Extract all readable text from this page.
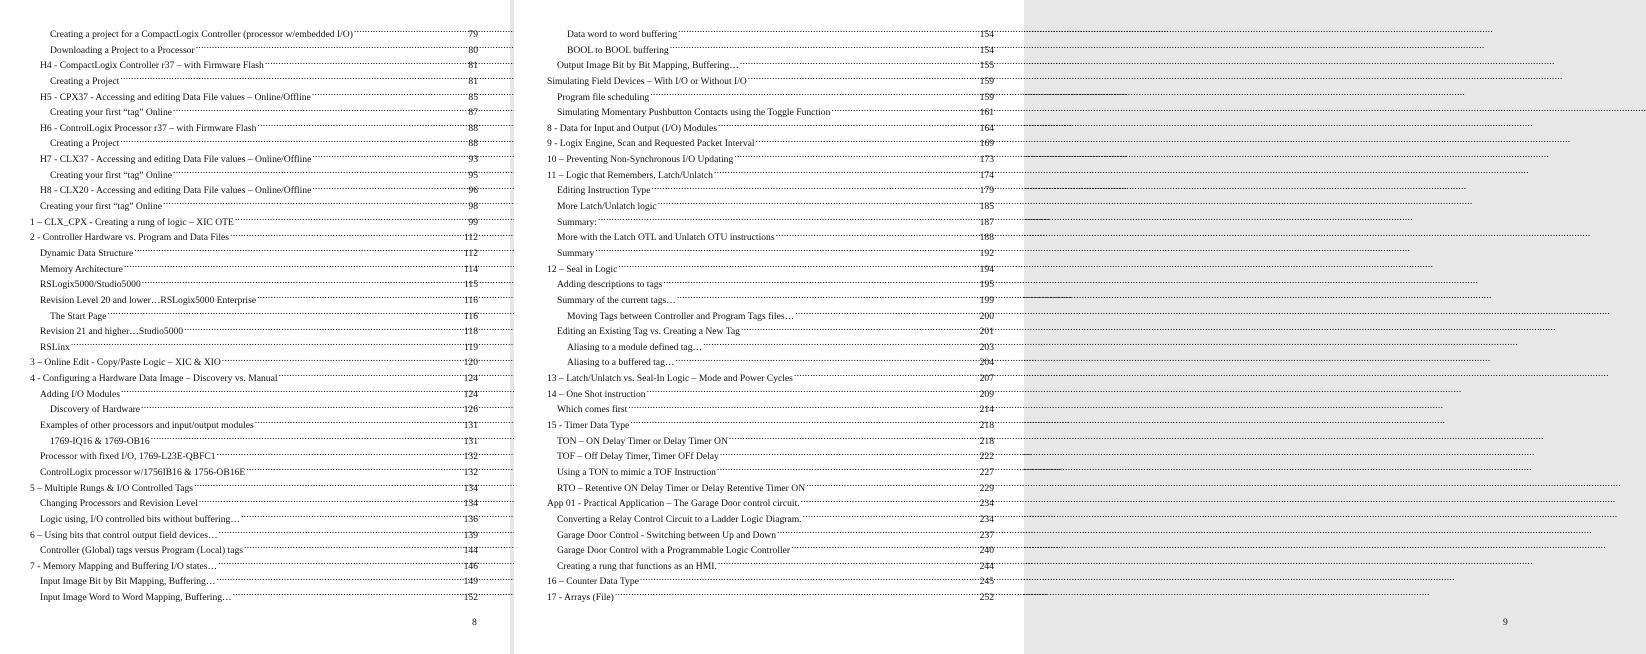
Creating a project for a CompactLogix Controller (processor w/embedded I/O) .....	79
Downloading a Project to a Processor .....	80
H4 - CompactLogix Controller r37 – with Firmware Flash .....	81
Creating a Project .....	81
H5 - CPX37 - Accessing and editing Data File values – Online/Offline .....	85
Creating your first “tag” Online .....	87
H6 - ControlLogix Processor r37 – with Firmware Flash .....	88
Creating a Project .....	88
H7 - CLX37 - Accessing and editing Data File values – Online/Offline .....	93
Creating your first “tag” Online .....	95
H8 - CLX20 - Accessing and editing Data File values – Online/Offline .....	96
Creating your first “tag” Online .....	98
1 – CLX_CPX - Creating a rung of logic – XIC OTE .....	99
2 - Controller Hardware vs. Program and Data Files .....	112
Dynamic Data Structure .....	112
Memory Architecture .....	114
RSLogix5000/Studio5000 .....	115
Revision Level 20 and lower…RSLogix5000 Enterprise .....	116
The Start Page .....	116
Revision 21 and higher…Studio5000 .....	118
RSLinx .....	119
3 – Online Edit - Copy/Paste Logic – XIC & XIO .....	120
4 - Configuring a Hardware Data Image – Discovery vs. Manual .....	124
Adding I/O Modules .....	124
Discovery of Hardware .....	126
Examples of other processors and input/output modules .....	131
1769-IQ16 & 1769-OB16 .....	131
Processor with fixed I/O, 1769-L23E-QBFC1 .....	132
ControlLogix processor w/1756IB16 & 1756-OB16E .....	132
5 – Multiple Rungs & I/O Controlled Tags .....	134
Changing Processors and Revision Level .....	134
Logic using, I/O controlled bits without buffering… .....	136
6 – Using bits that control output field devices… .....	139
Controller (Global) tags versus Program (Local) tags .....	144
7 - Memory Mapping and Buffering I/O states… .....	146
Input Image Bit by Bit Mapping, Buffering… .....	149
Input Image Word to Word Mapping, Buffering… .....	152
8
Data word to word buffering .....	154
BOOL to BOOL buffering .....	154
Output Image Bit by Bit Mapping, Buffering… .....	155
Simulating Field Devices – With I/O or Without I/O .....	159
Program file scheduling .....	159
Simulating Momentary Pushbutton Contacts using the Toggle Function .....	161
8 - Data for Input and Output (I/O) Modules .....	164
9 - Logix Engine, Scan and Requested Packet Interval .....	169
10 – Preventing Non-Synchronous I/O Updating .....	173
11 – Logic that Remembers, Latch/Unlatch .....	174
Editing Instruction Type .....	179
More Latch/Unlatch logic .....	185
Summary: .....	187
More with the Latch OTL and Unlatch OTU instructions .....	188
Summary .....	192
12 – Seal in Logic .....	194
Adding descriptions to tags .....	195
Summary of the current tags… .....	199
Moving Tags between Controller and Program Tags files… .....	200
Editing an Existing Tag vs. Creating a New Tag .....	201
Aliasing to a module defined tag… .....	203
Aliasing to a buffered tag… .....	204
13 – Latch/Unlatch vs. Seal-In Logic – Mode and Power Cycles .....	207
14 – One Shot instruction .....	209
Which comes first .....	214
15 - Timer Data Type .....	218
TON – ON Delay Timer or Delay Timer ON .....	218
TOF – Off Delay Timer, Timer OFf Delay .....	222
Using a TON to mimic a TOF Instruction .....	227
RTO – Retentive ON Delay Timer or Delay Retentive Timer ON .....	229
App 01 - Practical Application – The Garage Door control circuit. .....	234
Converting a Relay Control Circuit to a Ladder Logic Diagram. .....	234
Garage Door Control - Switching between Up and Down .....	237
Garage Door Control with a Programmable Logic Controller .....	240
Creating a rung that functions as an HMI. .....	244
16 – Counter Data Type .....	245
17 - Arrays (File) .....	252
9
